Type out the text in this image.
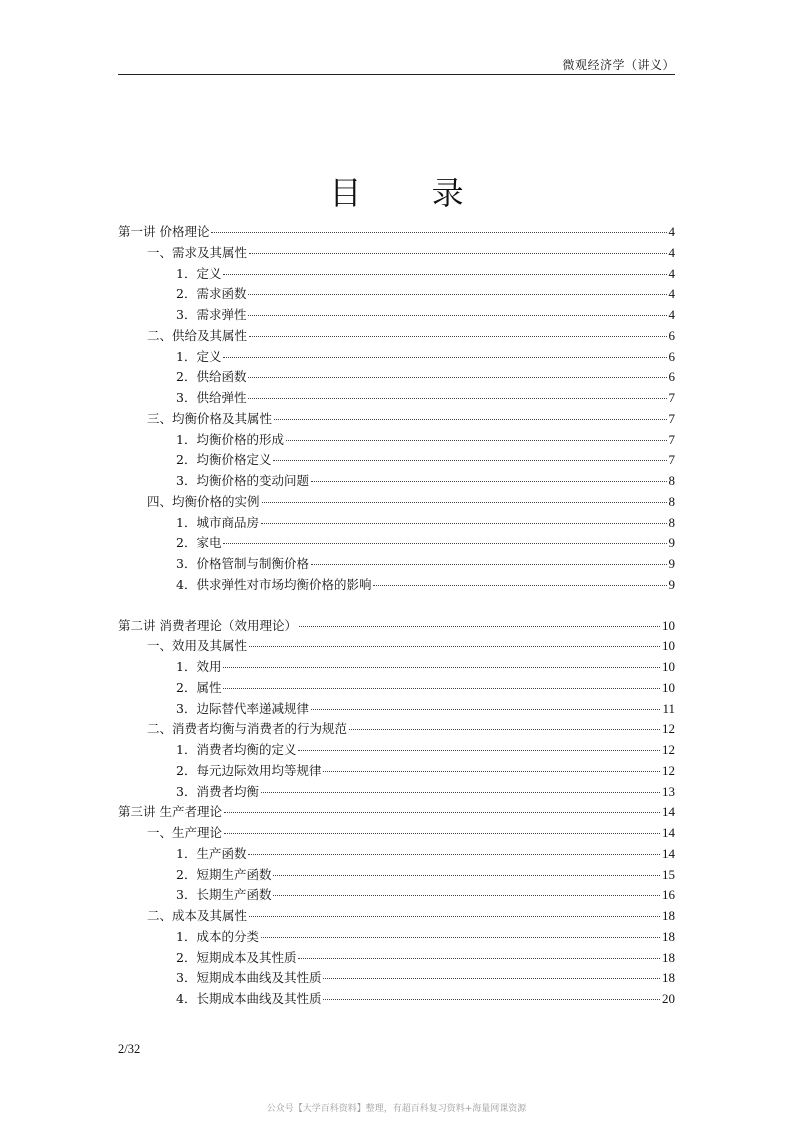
微观经济学（讲义）
目 录
第一讲 价格理论	4
一、需求及其属性	4
1．定义	4
2．需求函数	4
3．需求弹性	4
二、供给及其属性	6
1．定义	6
2．供给函数	6
3．供给弹性	7
三、均衡价格及其属性	7
1．均衡价格的形成	7
2．均衡价格定义	7
3．均衡价格的变动问题	8
四、均衡价格的实例	8
1．城市商品房	8
2．家电	9
3．价格管制与制衡价格	9
4．供求弹性对市场均衡价格的影响	9
第二讲 消费者理论（效用理论）	10
一、效用及其属性	10
1．效用	10
2．属性	10
3．边际替代率递减规律	11
二、消费者均衡与消费者的行为规范	12
1．消费者均衡的定义	12
2．每元边际效用均等规律	12
3．消费者均衡	13
第三讲 生产者理论	14
一、生产理论	14
1．生产函数	14
2．短期生产函数	15
3．长期生产函数	16
二、成本及其属性	18
1．成本的分类	18
2．短期成本及其性质	18
3．短期成本曲线及其性质	18
4．长期成本曲线及其性质	20
2/32
公众号【大学百科资料】整理，有超百科复习资料+海量网课资源
